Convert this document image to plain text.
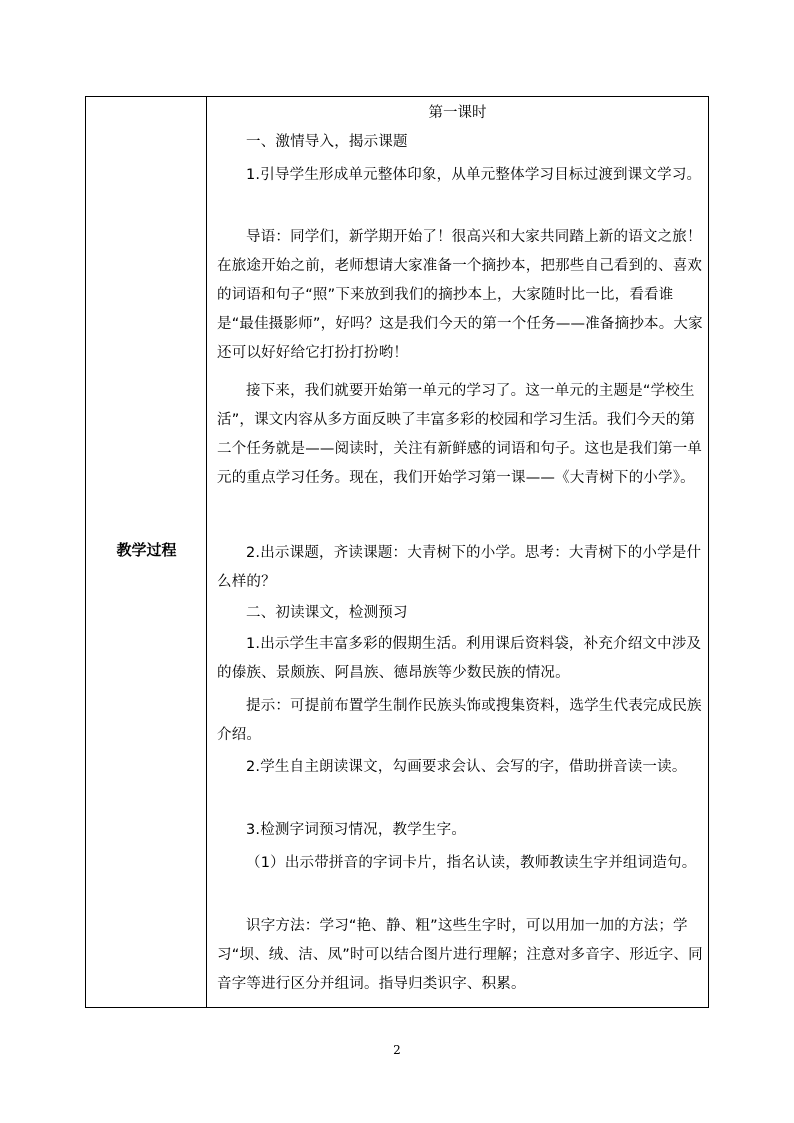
教学过程
第一课时

一、激情导入，揭示课题

1.引导学生形成单元整体印象，从单元整体学习目标过渡到课文学习。

导语：同学们，新学期开始了！很高兴和大家共同踏上新的语文之旅！在旅途开始之前，老师想请大家准备一个摘抄本，把那些自己看到的、喜欢的词语和句子“照”下来放到我们的摘抄本上，大家随时比一比，看看谁是“最佳摄影师”，好吗？这是我们今天的第一个任务——准备摘抄本。大家还可以好好给它打扮打扮哟！

接下来，我们就要开始第一单元的学习了。这一单元的主题是“学校生活”，课文内容从多方面反映了丰富多彩的校园和学习生活。我们今天的第二个任务就是——阅读时，关注有新鲜感的词语和句子。这也是我们第一单元的重点学习任务。现在，我们开始学习第一课——《大青树下的小学》。

2.出示课题，齐读课题：大青树下的小学。思考：大青树下的小学是什么样的？

二、初读课文，检测预习

1.出示学生丰富多彩的假期生活。利用课后资料袋，补充介绍文中涉及的傣族、景颇族、阿昌族、德昂族等少数民族的情况。

提示：可提前布置学生制作民族头饰或搜集资料，选学生代表完成民族介绍。

2.学生自主朗读课文，勾画要求会认、会写的字，借助拼音读一读。

3.检测字词预习情况，教学生字。

（1）出示带拼音的字词卡片，指名认读，教师教读生字并组词造句。

识字方法：学习“艳、静、粗”这些生字时，可以用加一加的方法；学习“坝、绒、洁、凤”时可以结合图片进行理解；注意对多音字、形近字、同音字等进行区分并组词。指导归类识字、积累。

2
